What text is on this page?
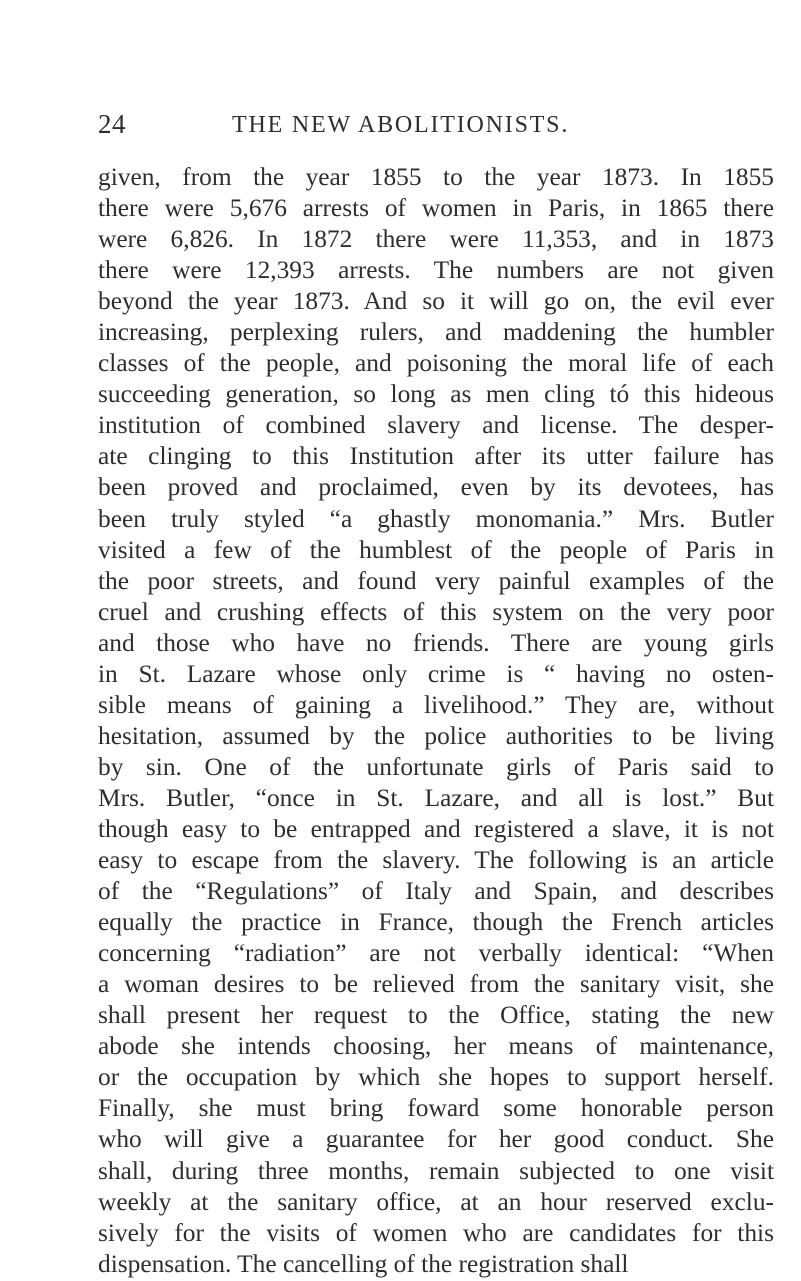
24	THE NEW ABOLITIONISTS.
given, from the year 1855 to the year 1873. In 1855
there were 5,676 arrests of women in Paris, in 1865 there
were 6,826. In 1872 there were 11,353, and in 1873
there were 12,393 arrests. The numbers are not given
beyond the year 1873. And so it will go on, the evil ever
increasing, perplexing rulers, and maddening the humbler
classes of the people, and poisoning the moral life of each
succeeding generation, so long as men cling tó this hideous
institution of combined slavery and license. The desper-
ate clinging to this Institution after its utter failure has
been proved and proclaimed, even by its devotees, has
been truly styled “a ghastly monomania.” Mrs. Butler
visited a few of the humblest of the people of Paris in
the poor streets, and found very painful examples of the
cruel and crushing effects of this system on the very poor
and those who have no friends. There are young girls
in St. Lazare whose only crime is “ having no osten-
sible means of gaining a livelihood.” They are, without
hesitation, assumed by the police authorities to be living
by sin. One of the unfortunate girls of Paris said to
Mrs. Butler, “once in St. Lazare, and all is lost.” But
though easy to be entrapped and registered a slave, it is not
easy to escape from the slavery. The following is an article
of the “Regulations” of Italy and Spain, and describes
equally the practice in France, though the French articles
concerning “radiation” are not verbally identical: “When
a woman desires to be relieved from the sanitary visit, she
shall present her request to the Office, stating the new
abode she intends choosing, her means of maintenance,
or the occupation by which she hopes to support herself.
Finally, she must bring foward some honorable person
who will give a guarantee for her good conduct. She
shall, during three months, remain subjected to one visit
weekly at the sanitary office, at an hour reserved exclu-
sively for the visits of women who are candidates for this
dispensation. The cancelling of the registration shall
